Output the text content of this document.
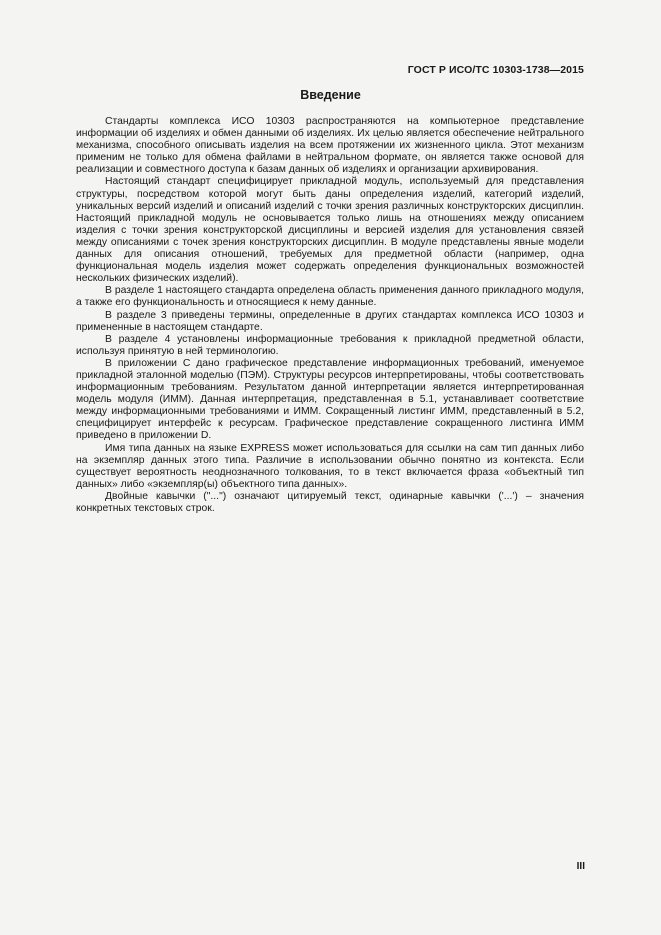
ГОСТ Р ИСО/ТС 10303-1738—2015
Введение

Стандарты комплекса ИСО 10303 распространяются на компьютерное представление информации об изделиях и обмен данными об изделиях. Их целью является обеспечение нейтрального механизма, способного описывать изделия на всем протяжении их жизненного цикла. Этот механизм применим не только для обмена файлами в нейтральном формате, он является также основой для реализации и совместного доступа к базам данных об изделиях и организации архивирования.

Настоящий стандарт специфицирует прикладной модуль, используемый для представления структуры, посредством которой могут быть даны определения изделий, категорий изделий, уникальных версий изделий и описаний изделий с точки зрения различных конструкторских дисциплин. Настоящий прикладной модуль не основывается только лишь на отношениях между описанием изделия с точки зрения конструкторской дисциплины и версией изделия для установления связей между описаниями с точек зрения конструкторских дисциплин. В модуле представлены явные модели данных для описания отношений, требуемых для предметной области (например, одна функциональная модель изделия может содержать определения функциональных возможностей нескольких физических изделий).

В разделе 1 настоящего стандарта определена область применения данного прикладного модуля, а также его функциональность и относящиеся к нему данные.

В разделе 3 приведены термины, определенные в других стандартах комплекса ИСО 10303 и примененные в настоящем стандарте.

В разделе 4 установлены информационные требования к прикладной предметной области, используя принятую в ней терминологию.

В приложении С дано графическое представление информационных требований, именуемое прикладной эталонной моделью (ПЭМ). Структуры ресурсов интерпретированы, чтобы соответствовать информационным требованиям. Результатом данной интерпретации является интерпретированная модель модуля (ИММ). Данная интерпретация, представленная в 5.1, устанавливает соответствие между информационными требованиями и ИММ. Сокращенный листинг ИММ, представленный в 5.2, специфицирует интерфейс к ресурсам. Графическое представление сокращенного листинга ИММ приведено в приложении D.

Имя типа данных на языке EXPRESS может использоваться для ссылки на сам тип данных либо на экземпляр данных этого типа. Различие в использовании обычно понятно из контекста. Если существует вероятность неоднозначного толкования, то в текст включается фраза «объектный тип данных» либо «экземпляр(ы) объектного типа данных».

Двойные кавычки ("...") означают цитируемый текст, одинарные кавычки ('...') – значения конкретных текстовых строк.

III
